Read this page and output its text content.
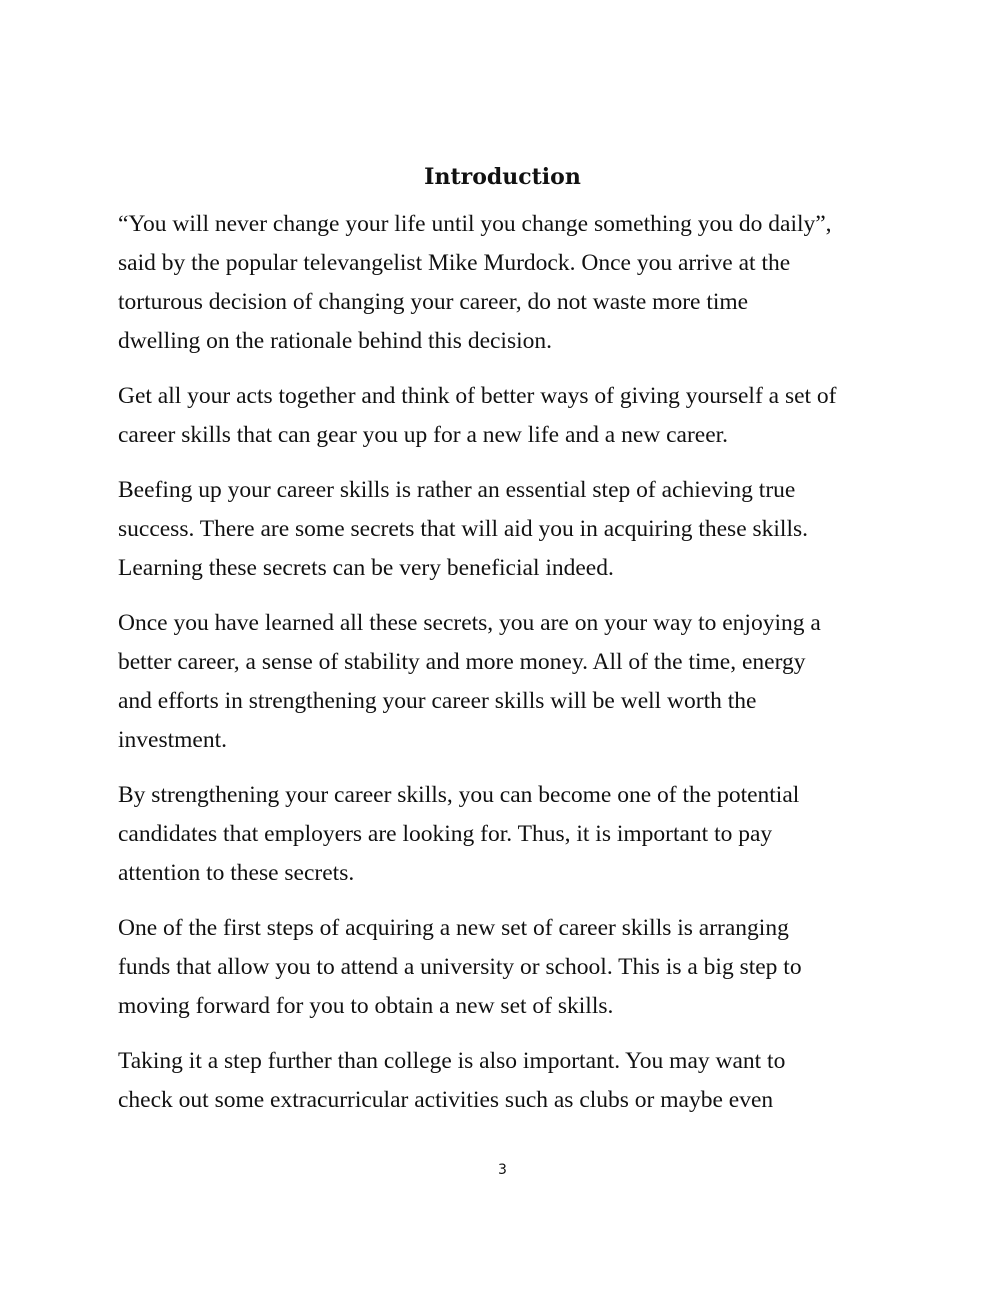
Introduction

“You will never change your life until you change something you do daily”,
said by the popular televangelist Mike Murdock. Once you arrive at the
torturous decision of changing your career, do not waste more time
dwelling on the rationale behind this decision.

Get all your acts together and think of better ways of giving yourself a set of
career skills that can gear you up for a new life and a new career.

Beefing up your career skills is rather an essential step of achieving true
success. There are some secrets that will aid you in acquiring these skills.
Learning these secrets can be very beneficial indeed.

Once you have learned all these secrets, you are on your way to enjoying a
better career, a sense of stability and more money. All of the time, energy
and efforts in strengthening your career skills will be well worth the
investment.

By strengthening your career skills, you can become one of the potential
candidates that employers are looking for. Thus, it is important to pay
attention to these secrets.

One of the first steps of acquiring a new set of career skills is arranging
funds that allow you to attend a university or school. This is a big step to
moving forward for you to obtain a new set of skills.

Taking it a step further than college is also important. You may want to
check out some extracurricular activities such as clubs or maybe even

3
